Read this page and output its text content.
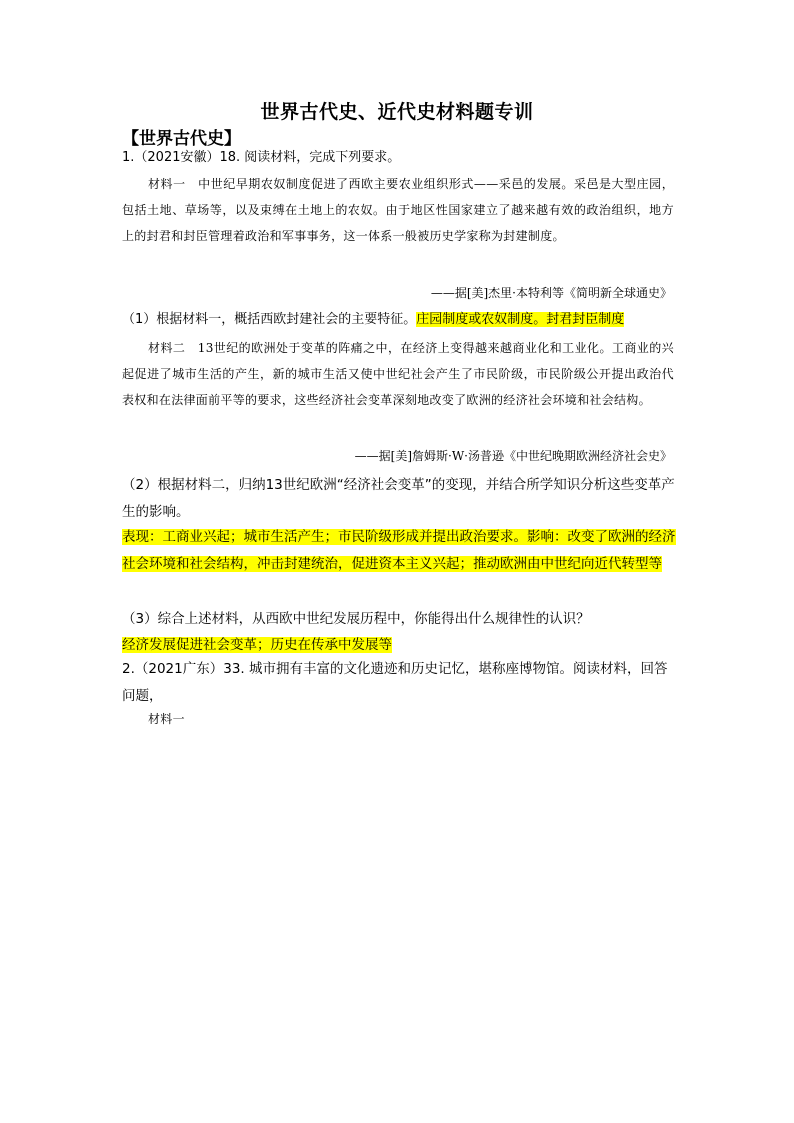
世界古代史、近代史材料题专训
【世界古代史】
1.（2021安徽）18. 阅读材料，完成下列要求。
材料一　中世纪早期农奴制度促进了西欧主要农业组织形式——采邑的发展。采邑是大型庄园，包括土地、草场等，以及束缚在土地上的农奴。由于地区性国家建立了越来越有效的政治组织，地方上的封君和封臣管理着政治和军事事务，这一体系一般被历史学家称为封建制度。
——据[美]杰里·本特利等《简明新全球通史》
（1）根据材料一，概括西欧封建社会的主要特征。庄园制度或农奴制度。封君封臣制度
材料二　13世纪的欧洲处于变革的阵痛之中，在经济上变得越来越商业化和工业化。工商业的兴起促进了城市生活的产生，新的城市生活又使中世纪社会产生了市民阶级，市民阶级公开提出政治代表权和在法律面前平等的要求，这些经济社会变革深刻地改变了欧洲的经济社会环境和社会结构。
——据[美]詹姆斯·W·汤普逊《中世纪晚期欧洲经济社会史》
（2）根据材料二，归纳13世纪欧洲“经济社会变革”的变现，并结合所学知识分析这些变革产生的影响。
表现：工商业兴起；城市生活产生；市民阶级形成并提出政治要求。影响：改变了欧洲的经济社会环境和社会结构，冲击封建统治，促进资本主义兴起；推动欧洲由中世纪向近代转型等
（3）综合上述材料，从西欧中世纪发展历程中，你能得出什么规律性的认识？
经济发展促进社会变革；历史在传承中发展等
2.（2021广东）33. 城市拥有丰富的文化遗迹和历史记忆，堪称座博物馆。阅读材料，回答问题，
材料一
